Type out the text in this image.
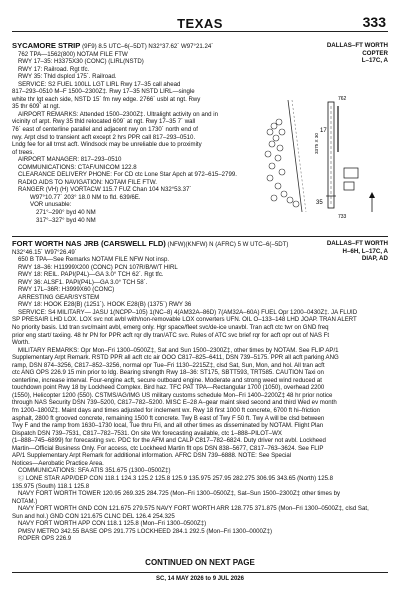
TEXAS	333
SYCAMORE STRIP (9F9) 8.5 UTC–6(–5DT) N32°37.62´ W97°21.24´	DALLAS–FT WORTH
COPTER
L–17C, A
762 TPA—1562(800) NOTAM FILE FTW
RWY 17–35: H3375X30 (CONC) (LIRL(NSTD)
RWY 17: Railroad. Rgt tfc.
RWY 35: Thld dsplcd 175´. Railroad.
SERVICE: S2 FUEL 100LL LGT LIRL Rwy 17–35 call ahead
817–293–0510 M–F 1500–2300Z‡. Rwy 17–35 NSTD LIRL—single
white thr lgt each side, NSTD 15´ fm rwy edge. 2766´ usbl at ngt. Rwy
35 thr 609´ at ngt.
AIRPORT REMARKS: Attended 1500–2300Z‡. Ultralight activity on and in
vicinity of arpt. Rwy 35 thld relocated 609´ at ngt. Rwy 17–35 7´ wall
76´ east of centerline parallel and adjacent rwy on 1730´ north end of
rwy. Arpt clsd to transient acft except 2 hrs PPR call 817–293–0510.
Lndg fee for all trnst acft. Windsock may be unreliable due to proximity
of trees.
AIRPORT MANAGER: 817–293–0510
COMMUNICATIONS: CTAF/UNICOM 122.8
CLEARANCE DELIVERY PHONE: For CD ctc Lone Star Apch at 972–615–2799.
RADIO AIDS TO NAVIGATION: NOTAM FILE FTW.
RANGER (VH) (H) VORTACW 115.7 FUZ Chan 104 N32°53.37´
W97°10.77´ 203° 18.0 NM to fld. 639/6E.
VOR unusable:
271°–290° byd 40 NM
317°–327° byd 40 NM
17
35
762
733
3375 X 30
FORT WORTH NAS JRB (CARSWELL FLD) (NFW)(KNFW) N (AFRC) 5 W UTC–6(–5DT)	DALLAS–FT WORTH
H–6H, L–17C, A
DIAP, AD
N32°46.15´ W97°26.49´
650 B TPA—See Remarks NOTAM FILE NFW Not insp.
RWY 18–36: H11999X200 (CONC) PCN 107R/B/W/T HIRL
RWY 18: REIL. PAPI(P4L)—GA 3.0° TCH 62´. Rgt tfc.
RWY 36: ALSF1. PAPI(P4L)—GA 3.0° TCH 58´.
RWY 17L–36R: H3999X60 (CONC)
ARRESTING GEAR/SYSTEM
RWY 18: HOOK E28(B) (1251´). HOOK E28(B) (1375´) RWY 36
SERVICE: S4 MILITARY— JASU 1(NCPP–105) 1(NC–8) 4(AM32A–86D) 7(AM32A–60A) FUEL Opr 1200–0430Z‡. JA FLUID
SP PRESAIR LHD LOX. LOX svc not avbl with/non-removable LOX converters UFN. OIL O–133–148 LHD JOAP. TRAN ALERT
No priority basis. Ltd tran svc/maint avbl, emerg only. Hgr space/fleet svc/de-ice unavbl. Tran acft ctc twr on GND freq
prior eng start/ taxiing. 48 hr PN for PPR acft rqr dly tran/ATC svc. Rules of ATC svc brief rqr for acft opr out of NAS Ft
Worth.
MILITARY REMARKS: Opr Mon–Fri 1300–0500Z‡, Sat and Sun 1500–2300Z‡, other times by NOTAM. See FLIP AP/1
Supplementary Arpt Remark. RSTD PPR all acft ctc air OOO C817–825–6411, DSN 739–5175. PPR all acft parking ANG
ramp, DSN 874–3256, C817–852–3256, normal opr Tue–Fri 1130–2215Z‡, clsd Sat, Sun, Mon, and hol. All tran acft
ctc ANG OPS 226.9 15 min prior to ldg. Bearing strength Rwy 18–36: ST175, SBTT593, TRT585. CAUTION Taxi on
centerline, increase interval. Four-engine acft, secure outboard engine. Moderate and strong weed wind reduced at
touchdown point Rwy 18 by Lockheed Complex. Bird haz. TFC PAT TPA—Rectangular 1700 (1050), overhead 2200
(1550), Helicopter 1200 (550). CSTMS/AG/IMG US military customs schedule Mon–Fri 1400–2200Z‡ 48 hr prior notice
through NAS Security DSN 739–5200, C817–782–5200. MISC E–28 A–gear maint sked second and third Wed ev month
fm 1200–1800Z‡. Maint days and times adjusted for inclement wx. Rwy 18 first 1000 ft concrete, 6700 ft hi–friction
asphalt, 2800 ft grooved concrete, remaining 1500 ft concrete. Twy B east of Twy F 50 ft. Twy A will be clsd between
Twy F and the ramp from 1630–1730 local, Tue thru Fri, and all other times as disseminated by NOTAM. Flight Plan
Dispatch DSN 739–7531, C817–782–7531. On site Wx forecasting available, ctc 1–888–PILOT–WX
(1–888–745–6899) for forecasting svc. PDC for the AFM and CALP C817–782–6824. Duty driver not avbl. Lockheed
Martin—Official Business Only. For access, ctc Lockheed Martin flt ops DSN 838–5677, C817–763–3624. See FLIP
AP/1 Supplementary Arpt Remark for additional information. AFRC DSN 739–6888. NOTE: See Special
Notices—Aerobatic Practice Area.
COMMUNICATIONS: SFA ATIS 351.675 (1300–0500Z‡)
Ⓒ LONE STAR APP/DEP CON 118.1 124.3 125.2 125.8 125.9 135.975 257.95 282.275 306.95 343.65 (North) 125.8
135.975 (South) 118.1 125.8
NAVY FORT WORTH TOWER 120.95 269.325 284.725 (Mon–Fri 1300–0500Z‡, Sat–Sun 1500–2300Z‡ other times by
NOTAM.)
NAVY FORT WORTH GND CON 121.675 279.575 NAVY FORT WORTH ARR 128.775 371.875 (Mon–Fri 1300–0500Z‡, clsd Sat,
Sun and hol.) GND CON 121.675 CLNC DEL 126.4 254.325
NAVY FORT WORTH APP CON 118.1 125.8 (Mon–Fri 1300–0500Z‡)
PMSV METRO 342.55 BASE OPS 291.775 LOCKHEED 284.1 292.5 (Mon–Fri 1300–0000Z‡)
ROPER OPS 226.9
CONTINUED ON NEXT PAGE
SC, 14 MAY 2026 to 9 JUL 2026
